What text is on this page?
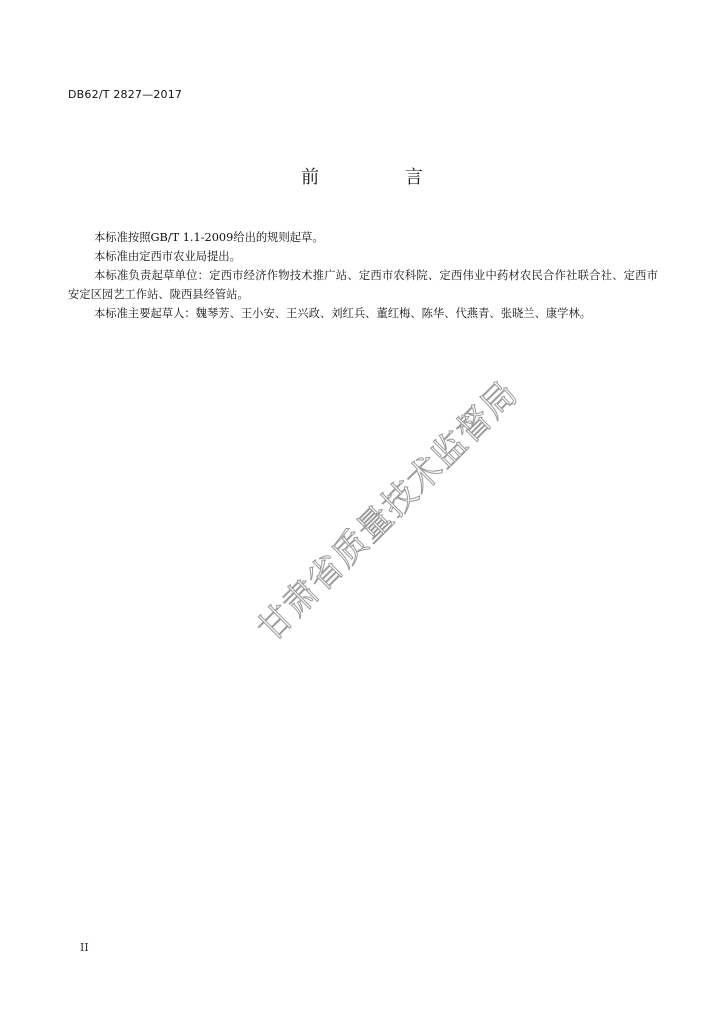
DB62/T 2827—2017
前 言

本标准按照GB/T 1.1-2009给出的规则起草。

本标准由定西市农业局提出。

本标准负责起草单位：定西市经济作物技术推广站、定西市农科院、定西伟业中药材农民合作社联合社、定西市安定区园艺工作站、陇西县经管站。

本标准主要起草人：魏琴芳、王小安、王兴政、刘红兵、董红梅、陈华、代燕青、张晓兰、康学林。

甘肃省质量技术监督局
II
